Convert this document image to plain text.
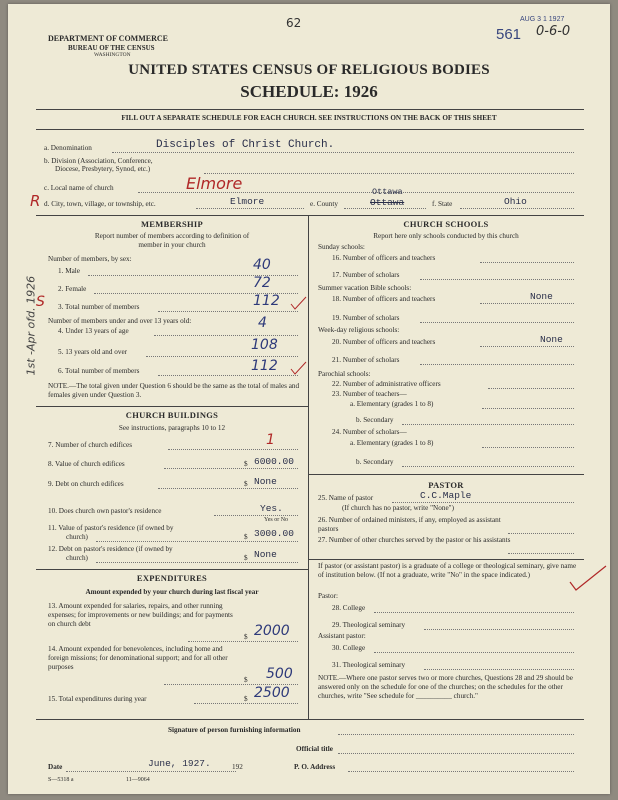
DEPARTMENT OF COMMERCE
BUREAU OF THE CENSUS
WASHINGTON
62	AUG 3 1 1927
561 0-6-0
UNITED STATES CENSUS OF RELIGIOUS BODIES
SCHEDULE: 1926
FILL OUT A SEPARATE SCHEDULE FOR EACH CHURCH. SEE INSTRUCTIONS ON THE BACK OF THIS SHEET
a. Denomination	Disciples of Christ Church.
b. Division (Association, Conference,
Diocese, Presbytery, Synod, etc.)
c. Local name of church	Elmore
d. City, town, village, or township, etc.	Elmore	e. County
Ottawa
Ottawa	f. State	Ohio
R
S
1st -Apr ofd. 1926
MEMBERSHIP
Report number of members according to definition of
member in your church
Number of members, by sex:
1. Male	40
2. Female	72
3. Total number of members	112
Number of members under and over 13 years old:
4. Under 13 years of age	4
5. 13 years old and over	108
6. Total number of members	112
NOTE.—The total given under Question 6 should be the same as the total of males and females given under Question 3.
CHURCH BUILDINGS
See instructions, paragraphs 10 to 12
7. Number of church edifices	1
8. Value of church edifices	$ 6000.00
9. Debt on church edifices	$ None
10. Does church own pastor's residence	Yes.
Yes or No
11. Value of pastor's residence (if owned by
church)	$ 3000.00
12. Debt on pastor's residence (if owned by
church)	$ None
EXPENDITURES
Amount expended by your church during last fiscal year
13. Amount expended for salaries, repairs, and other running expenses; for improvements or new buildings; and for payments on church debt
$ 2000
14. Amount expended for benevolences, including home and foreign missions; for denominational support; and for all other purposes
$ 500
15. Total expenditures during year	$ 2500
CHURCH SCHOOLS
Report here only schools conducted by this church
Sunday schools:
16. Number of officers and teachers
17. Number of scholars
Summer vacation Bible schools:
18. Number of officers and teachers	None
19. Number of scholars
Week-day religious schools:
20. Number of officers and teachers	None
21. Number of scholars
Parochial schools:
22. Number of administrative officers
23. Number of teachers—
a. Elementary (grades 1 to 8)
b. Secondary
24. Number of scholars—
a. Elementary (grades 1 to 8)
b. Secondary
PASTOR
25. Name of pastor	C.C.Maple
(If church has no pastor, write "None")
26. Number of ordained ministers, if any, employed as assistant pastors
27. Number of other churches served by the pastor or his assistants
If pastor (or assistant pastor) is a graduate of a college or theological seminary, give name of institution below. (If not a graduate, write "No" in the space indicated.)
Pastor:
28. College
29. Theological seminary
Assistant pastor:
30. College
31. Theological seminary
NOTE.—Where one pastor serves two or more churches, Questions 28 and 29 should be answered only on the schedule for one of the churches; on the schedules for the other churches, write "See schedule for __________ church."
Signature of person furnishing information
Official title
Date	June, 1927.	192	P. O. Address
S—5318 a	11—9064
